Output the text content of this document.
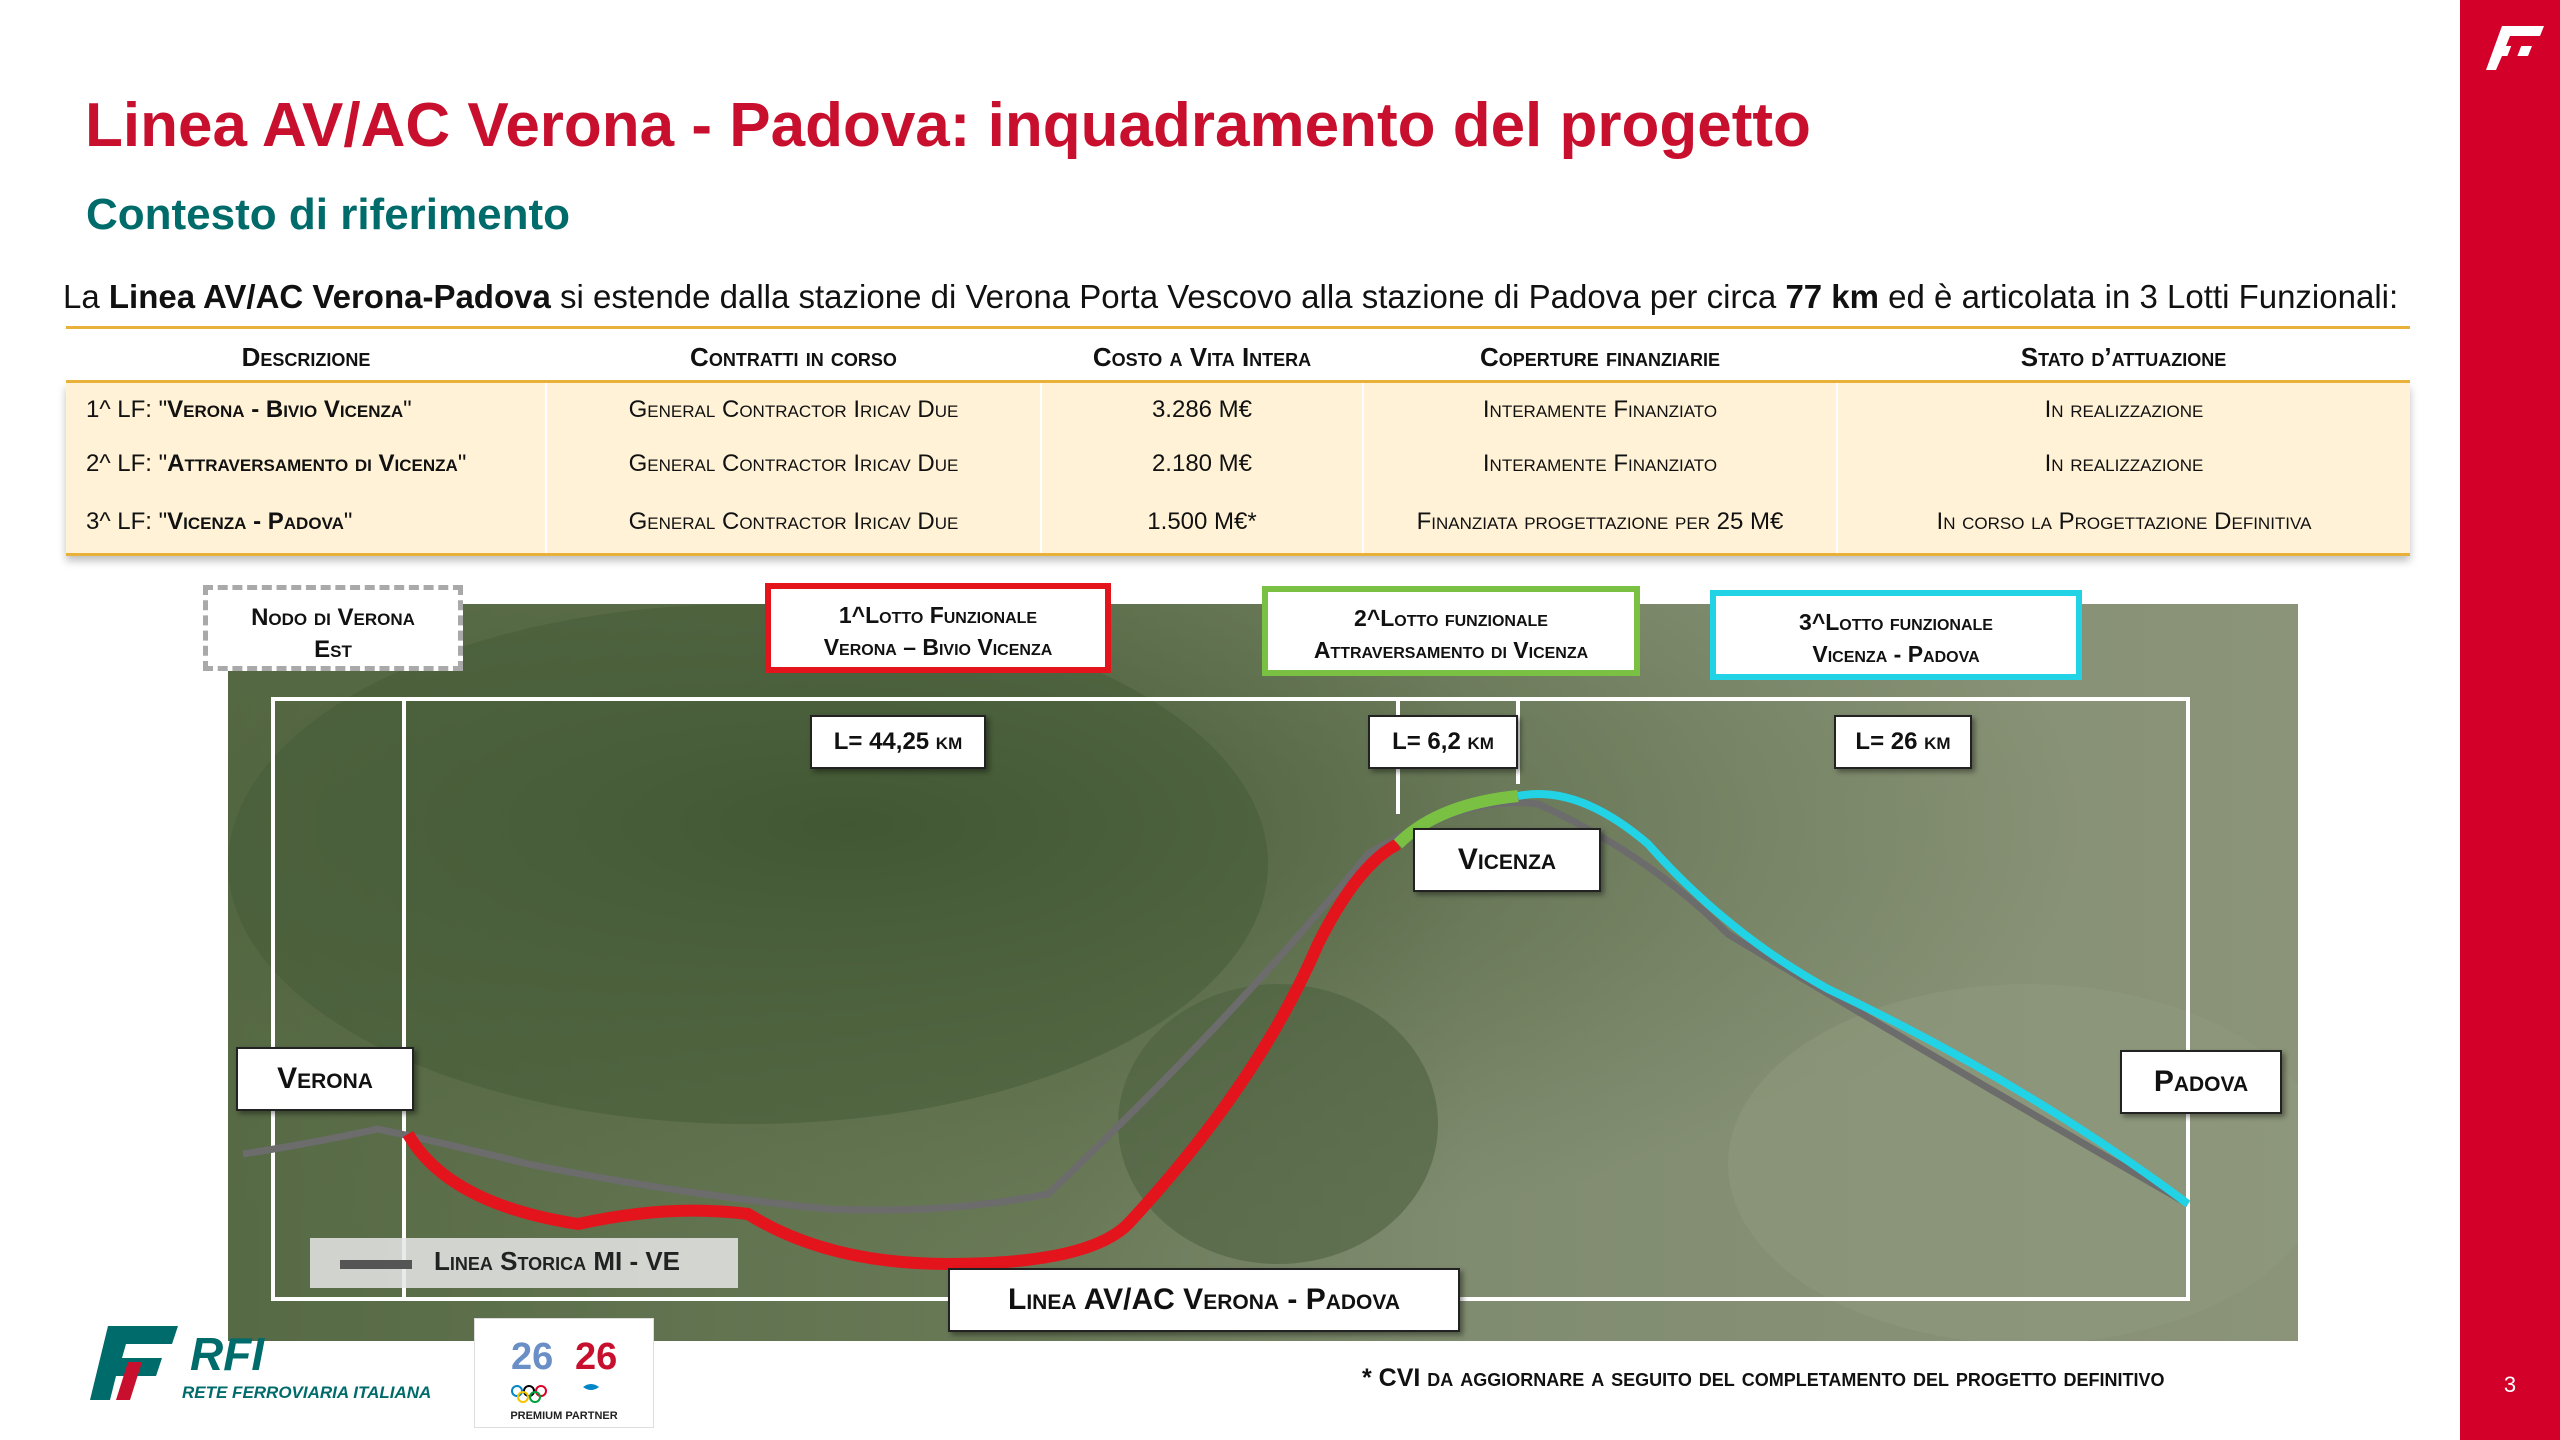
3
Linea AV/AC Verona - Padova: inquadramento del progetto
Contesto di riferimento
La Linea AV/AC Verona-Padova si estende dalla stazione di Verona Porta Vescovo alla stazione di Padova per circa 77 km ed è articolata in 3 Lotti Funzionali:
Descrizione	Contratti in corso	Costo a Vita Intera	Coperture finanziarie	Stato d’attuazione
1^ LF: "Verona - Bivio Vicenza"	General Contractor Iricav Due	3.286 M€	Interamente Finanziato	In realizzazione
2^ LF: "Attraversamento di Vicenza"	General Contractor Iricav Due	2.180 M€	Interamente Finanziato	In realizzazione
3^ LF: "Vicenza - Padova"	General Contractor Iricav Due	1.500 M€*	Finanziata progettazione per 25 M€	In corso la Progettazione Definitiva
Nodo di Verona
Est
1^Lotto Funzionale
Verona – Bivio Vicenza
2^Lotto funzionale
Attraversamento di Vicenza
3^Lotto funzionale
Vicenza - Padova
L= 44,25 km	L= 6,2 km	L= 26 km
Verona
Vicenza
Padova
Linea AV/AC Verona - Padova
Linea Storica MI - VE
* CVI da aggiornare a seguito del completamento del progetto definitivo
RFI
RETE FERROVIARIA ITALIANA
26 26
PREMIUM PARTNER
